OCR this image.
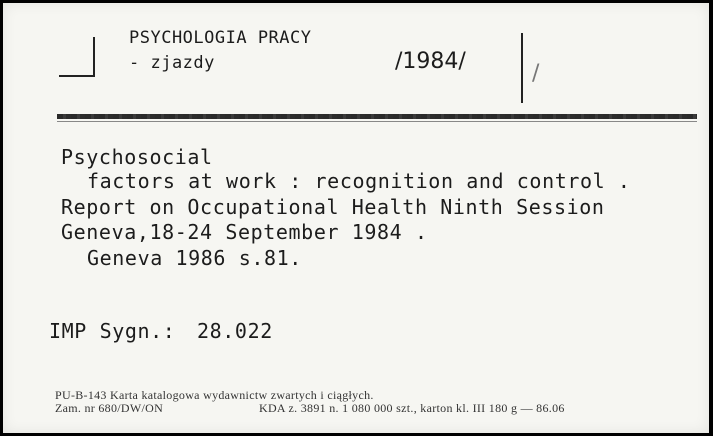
PSYCHOLOGIA PRACY
- zjazdy	/1984/	/
Psychosocial
factors at work : recognition and control .
Report on Occupational Health Ninth Session
Geneva,18-24 September 1984 .
Geneva 1986 s.81.
IMP Sygn.: 28.022
PU-B-143 Karta katalogowa wydawnictw zwartych i ciągłych.
Zam. nr 680/DW/ON	KDA z. 3891 n. 1 080 000 szt., karton kl. III 180 g — 86.06
